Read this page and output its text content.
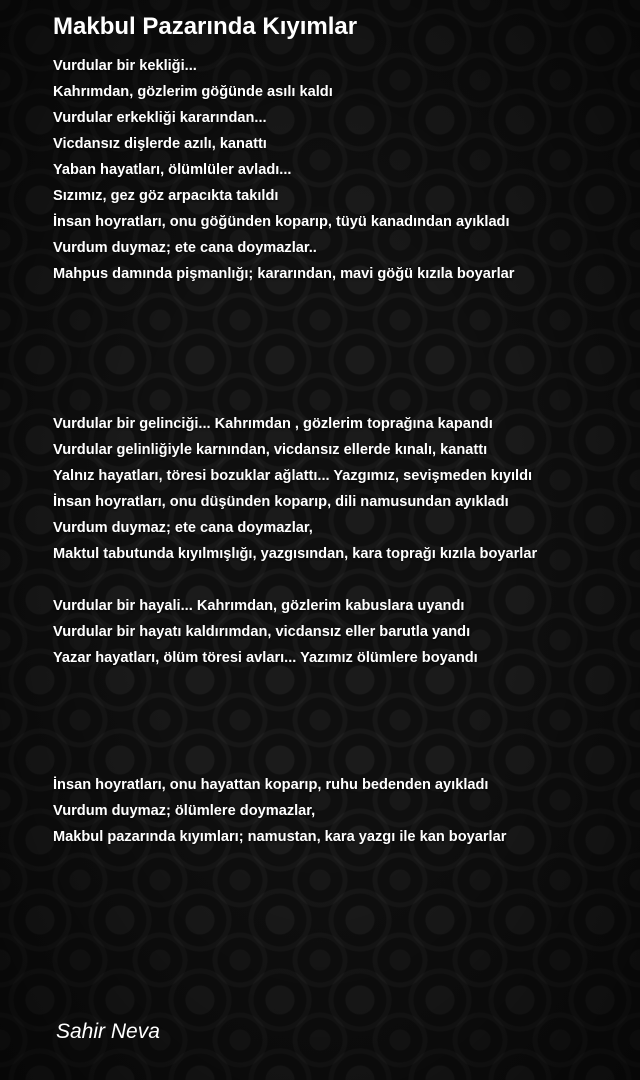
Makbul Pazarında Kıyımlar
Vurdular bir kekliği...
Kahrımdan, gözlerim göğünde asılı kaldı
Vurdular erkekliği kararından...
Vicdansız dişlerde azılı, kanattı
Yaban hayatları, ölümlüler avladı...
Sızımız, gez göz arpacıkta takıldı
İnsan hoyratları, onu göğünden koparıp, tüyü kanadından ayıkladı
Vurdum duymaz; ete cana doymazlar..
Mahpus damında pişmanlığı; kararından, mavi göğü kızıla boyarlar
Vurdular bir gelinciği... Kahrımdan , gözlerim toprağına kapandı
Vurdular gelinliğiyle karnından, vicdansız ellerde kınalı, kanattı
Yalnız hayatları, töresi bozuklar ağlattı... Yazgımız, sevişmeden kıyıldı
İnsan hoyratları, onu düşünden koparıp, dili namusundan ayıkladı
Vurdum duymaz; ete cana doymazlar,
Maktul tabutunda kıyılmışlığı, yazgısından, kara toprağı kızıla boyarlar
Vurdular bir hayali... Kahrımdan, gözlerim kabuslara uyandı
Vurdular bir hayatı kaldırımdan, vicdansız eller barutla yandı
Yazar hayatları, ölüm töresi avları... Yazımız ölümlere boyandı
İnsan hoyratları, onu hayattan koparıp, ruhu bedenden ayıkladı
Vurdum duymaz; ölümlere doymazlar,
Makbul pazarında kıyımları; namustan, kara yazgı ile kan boyarlar
Sahir Neva
